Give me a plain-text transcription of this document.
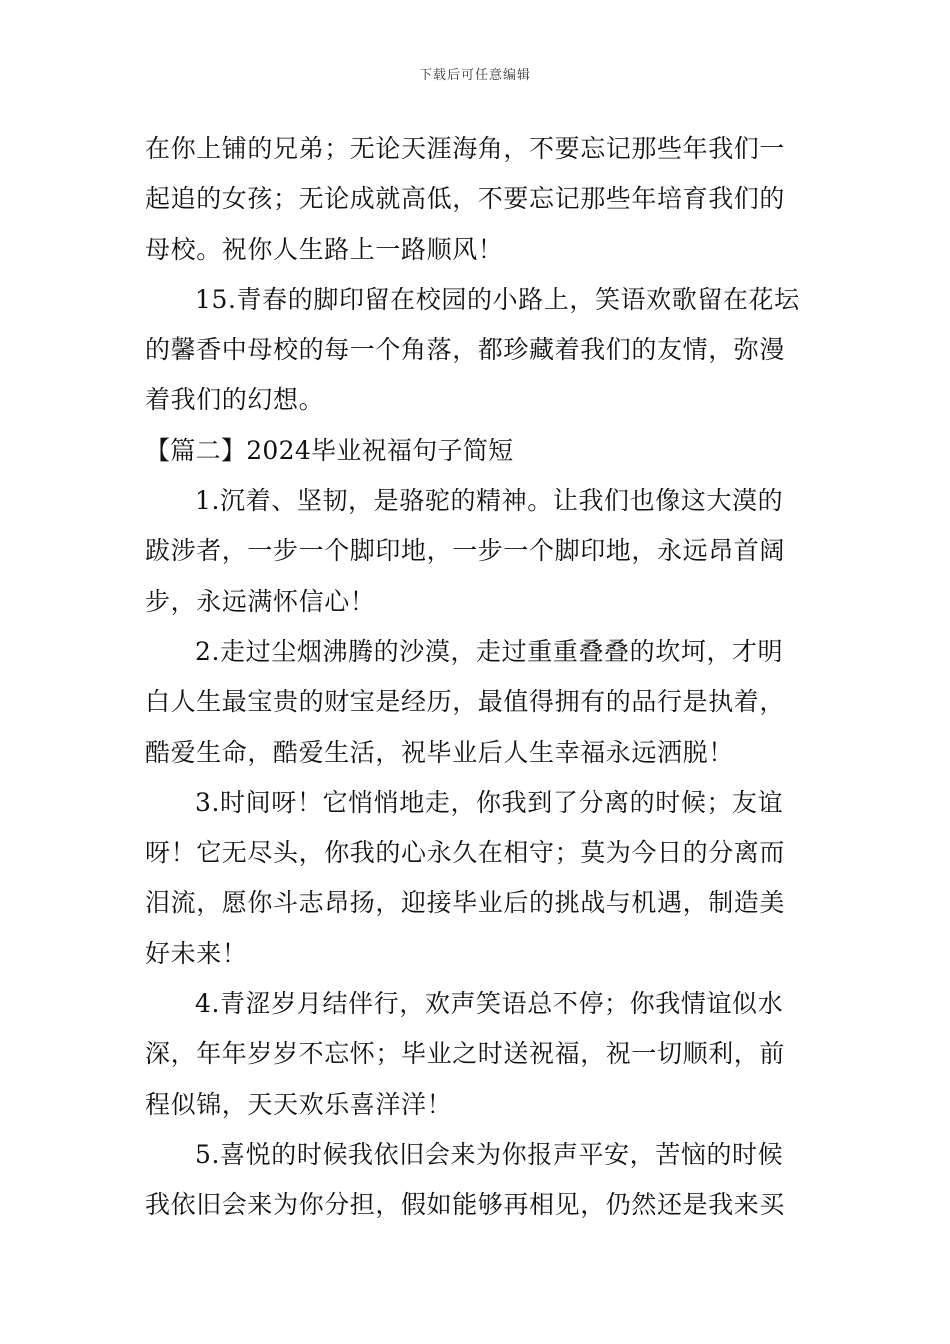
下载后可任意编辑
在你上铺的兄弟；无论天涯海角，不要忘记那些年我们一
起追的女孩；无论成就高低，不要忘记那些年培育我们的
母校。祝你人生路上一路顺风！
15.青春的脚印留在校园的小路上，笑语欢歌留在花坛
的馨香中母校的每一个角落，都珍藏着我们的友情，弥漫
着我们的幻想。
【篇二】2024毕业祝福句子简短
1.沉着、坚韧，是骆驼的精神。让我们也像这大漠的
跋涉者，一步一个脚印地，一步一个脚印地，永远昂首阔
步，永远满怀信心！
2.走过尘烟沸腾的沙漠，走过重重叠叠的坎坷，才明
白人生最宝贵的财宝是经历，最值得拥有的品行是执着，
酷爱生命，酷爱生活，祝毕业后人生幸福永远洒脱！
3.时间呀！它悄悄地走，你我到了分离的时候；友谊
呀！它无尽头，你我的心永久在相守；莫为今日的分离而
泪流，愿你斗志昂扬，迎接毕业后的挑战与机遇，制造美
好未来！
4.青涩岁月结伴行，欢声笑语总不停；你我情谊似水
深，年年岁岁不忘怀；毕业之时送祝福，祝一切顺利，前
程似锦，天天欢乐喜洋洋！
5.喜悦的时候我依旧会来为你报声平安，苦恼的时候
我依旧会来为你分担，假如能够再相见，仍然还是我来买
